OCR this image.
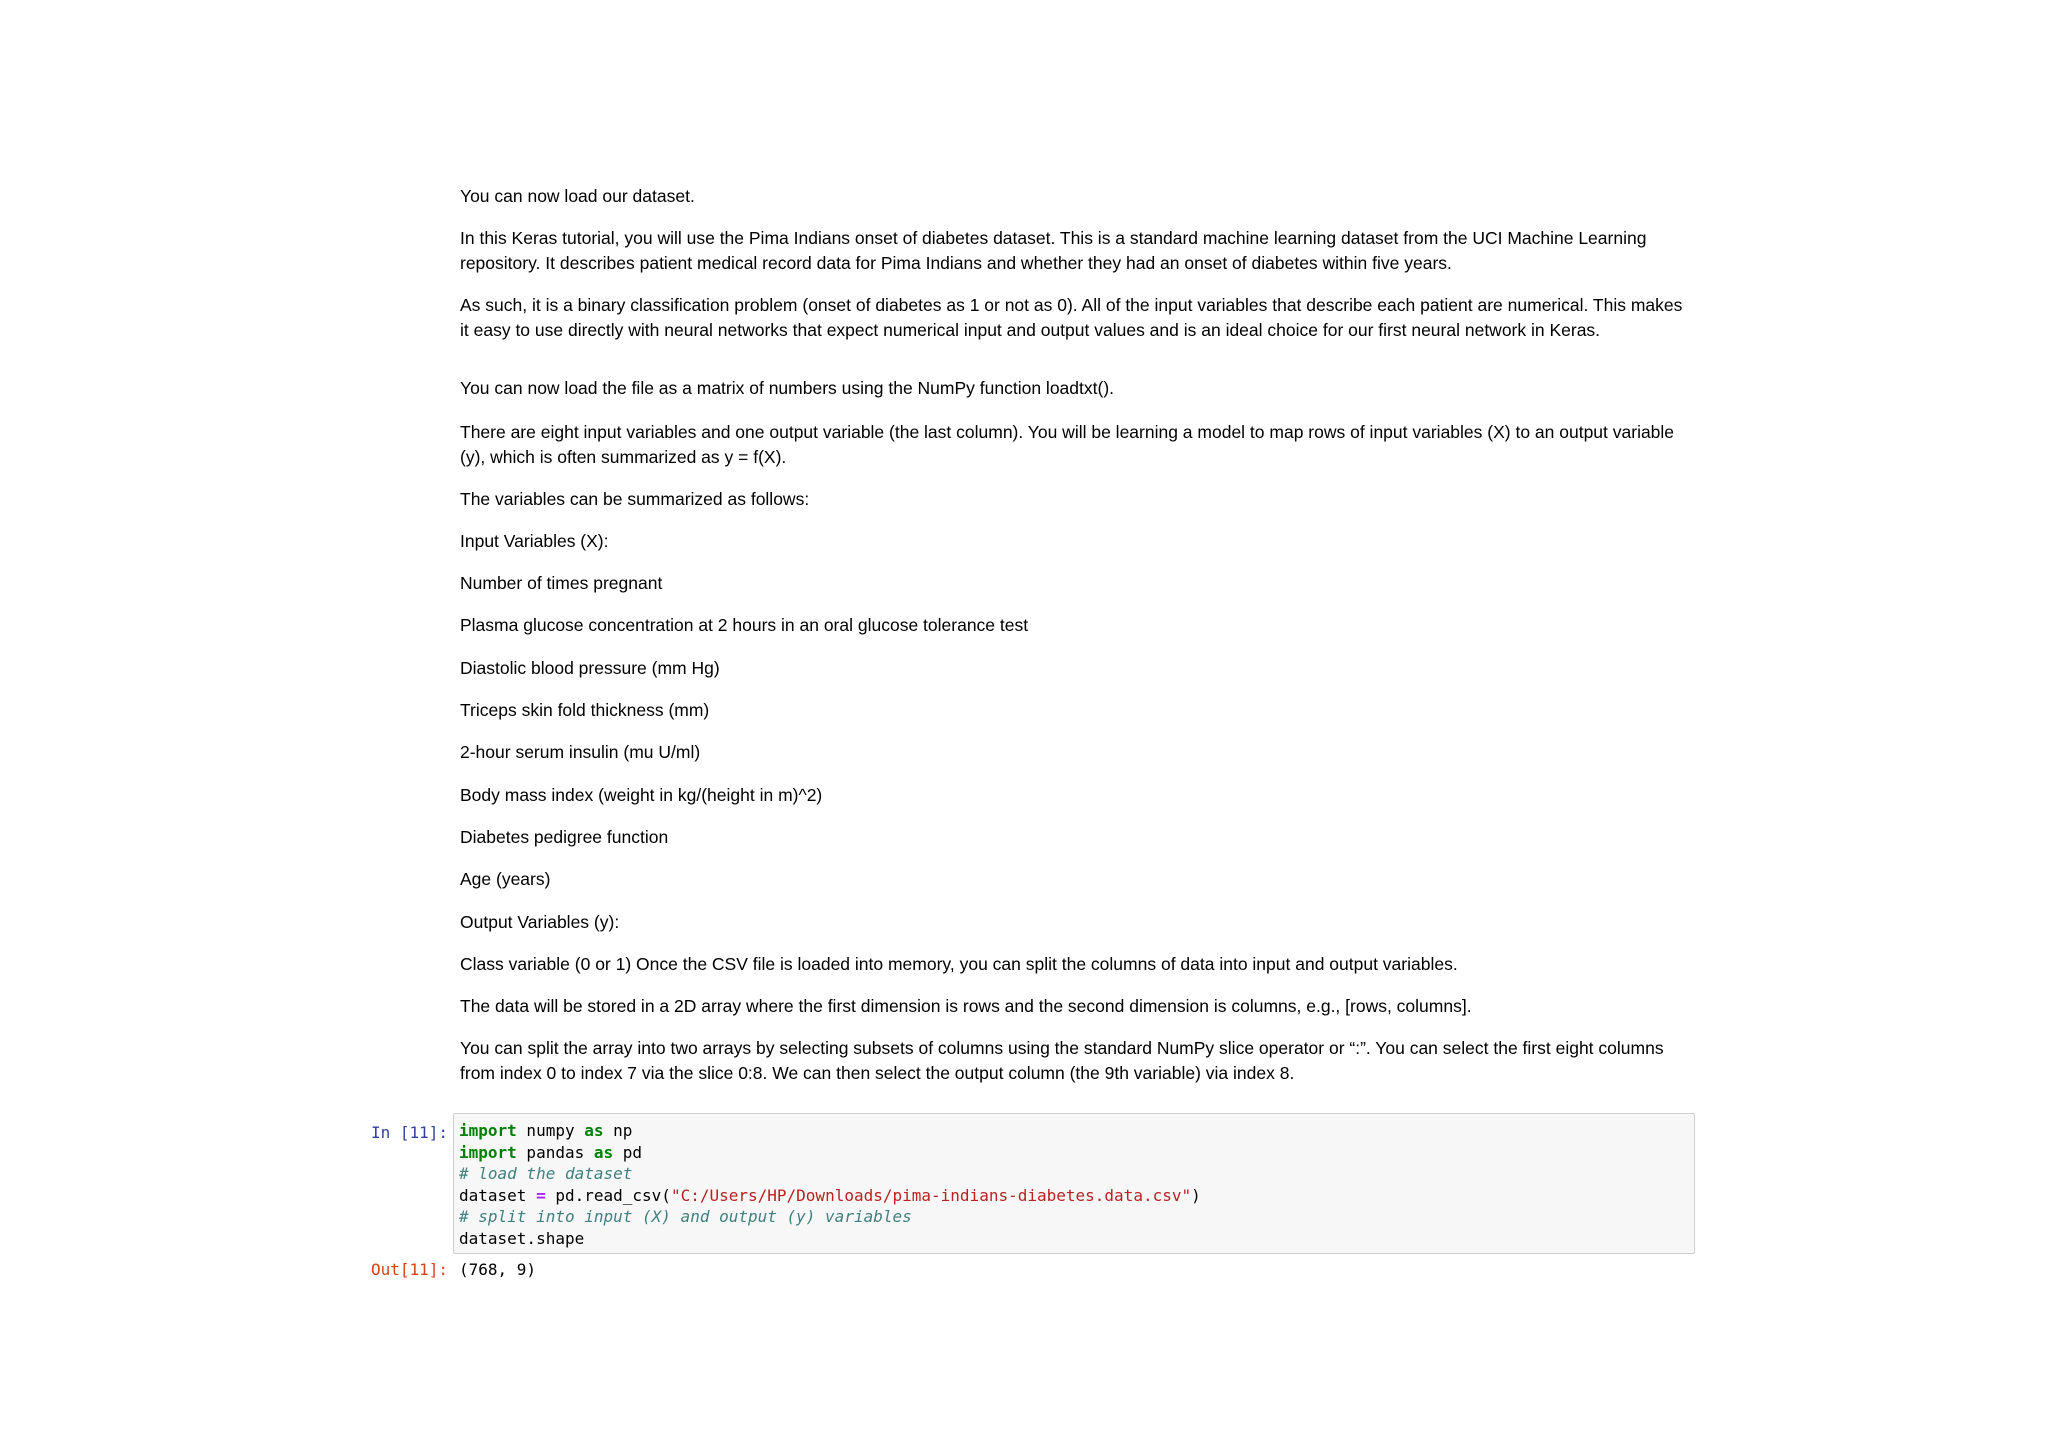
You can now load our dataset.

In this Keras tutorial, you will use the Pima Indians onset of diabetes dataset. This is a standard machine learning dataset from the UCI Machine Learning

repository. It describes patient medical record data for Pima Indians and whether they had an onset of diabetes within five years.

As such, it is a binary classification problem (onset of diabetes as 1 or not as 0). All of the input variables that describe each patient are numerical. This makes

it easy to use directly with neural networks that expect numerical input and output values and is an ideal choice for our first neural network in Keras.

You can now load the file as a matrix of numbers using the NumPy function loadtxt().

There are eight input variables and one output variable (the last column). You will be learning a model to map rows of input variables (X) to an output variable

(y), which is often summarized as y = f(X).

The variables can be summarized as follows:

Input Variables (X):

Number of times pregnant

Plasma glucose concentration at 2 hours in an oral glucose tolerance test

Diastolic blood pressure (mm Hg)

Triceps skin fold thickness (mm)

2-hour serum insulin (mu U/ml)

Body mass index (weight in kg/(height in m)^2)

Diabetes pedigree function

Age (years)

Output Variables (y):

Class variable (0 or 1) Once the CSV file is loaded into memory, you can split the columns of data into input and output variables.

The data will be stored in a 2D array where the first dimension is rows and the second dimension is columns, e.g., [rows, columns].

You can split the array into two arrays by selecting subsets of columns using the standard NumPy slice operator or “:”. You can select the first eight columns

from index 0 to index 7 via the slice 0:8. We can then select the output column (the 9th variable) via index 8.

In [11]: import numpy as np
import pandas as pd
# load the dataset
dataset = pd.read_csv("C:/Users/HP/Downloads/pima-indians-diabetes.data.csv")
# split into input (X) and output (y) variables
dataset.shape
Out[11]: (768, 9)
